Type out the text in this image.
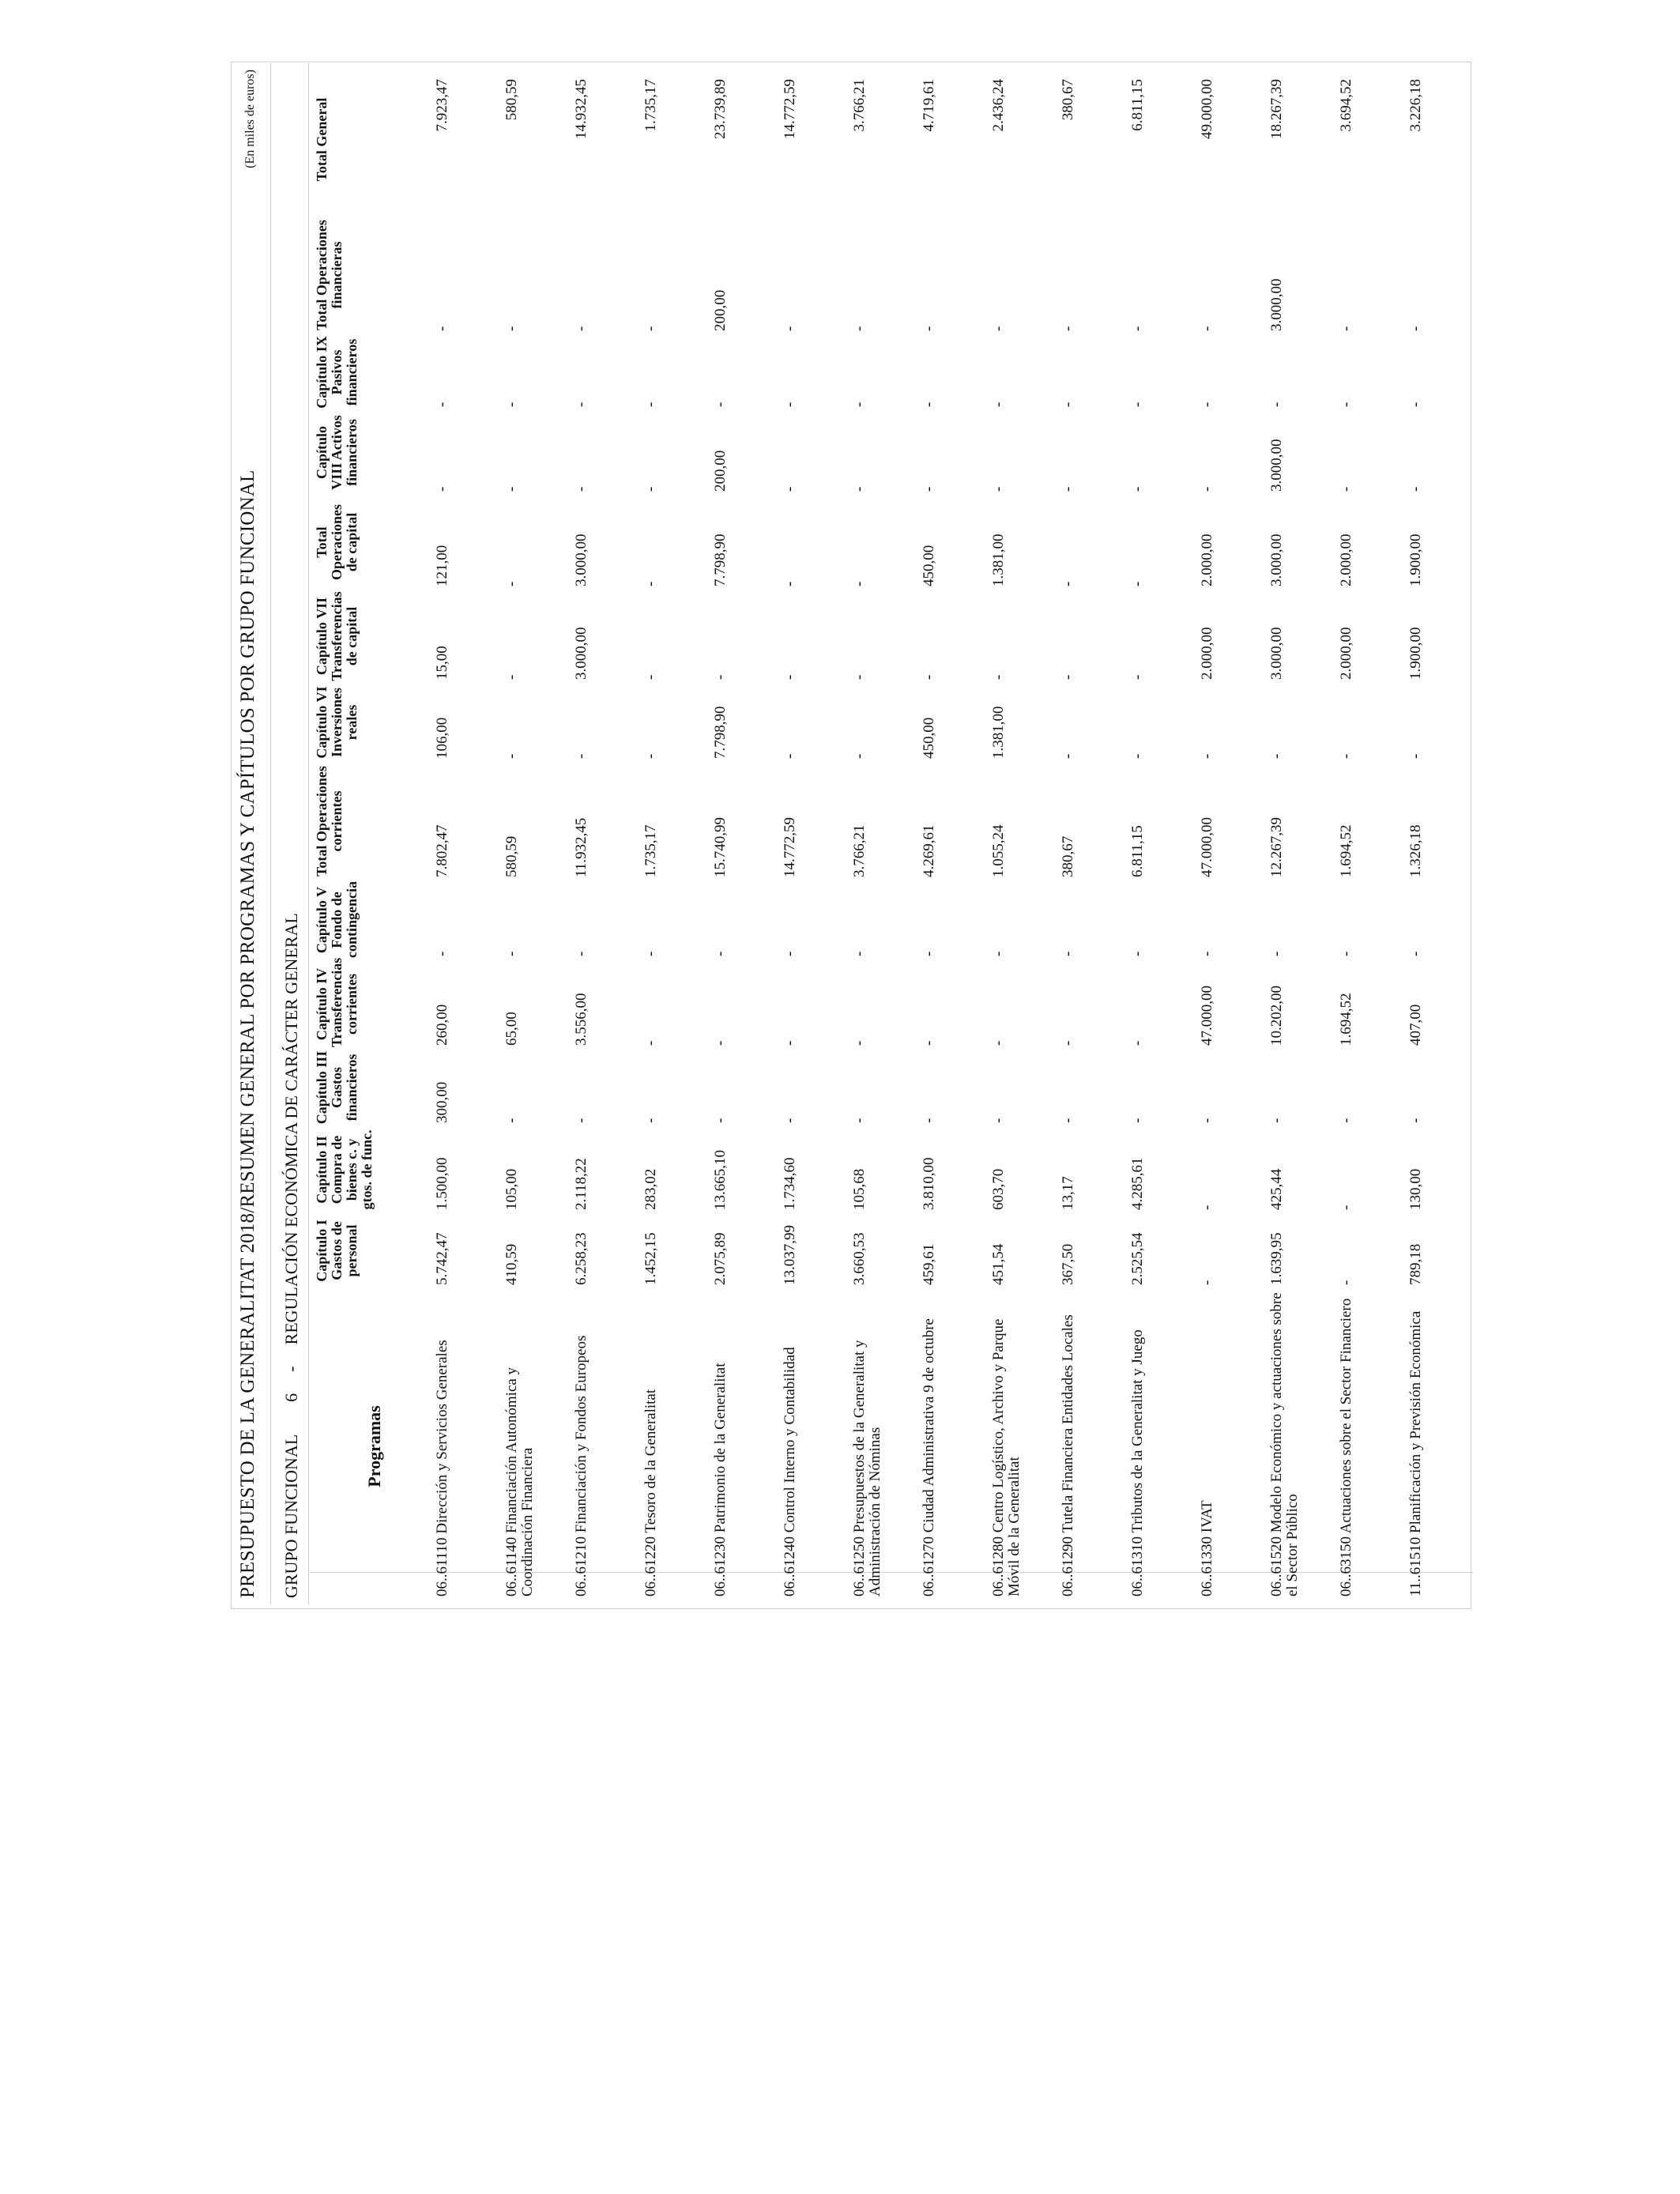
PRESUPUESTO DE LA GENERALITAT 2018/RESUMEN GENERAL POR PROGRAMAS Y CAPÍTULOS POR GRUPO FUNCIONAL
(En miles de euros)
GRUPO FUNCIONAL  6  -  REGULACIÓN ECONÓMICA DE CARÁCTER GENERAL
Programas	Capítulo I Gastos de personal	Capítulo II Compra de bienes c. y gtos. de func.	Capítulo III Gastos financieros	Capítulo IV Transferencias corrientes	Capítulo V Fondo de contingencia	Total Operaciones corrientes	Capítulo VI Inversiones reales	Capítulo VII Transferencias de capital	Total Operaciones de capital	Capítulo VIII Activos financieros	Capítulo IX Pasivos financieros	Total Operaciones financieras	Total General
06..61110 Dirección y Servicios Generales	5.742,47	1.500,00	300,00	260,00	-	7.802,47	106,00	15,00	121,00	-	-	-	7.923,47
06..61140 Financiación Autonómica y Coordinación Financiera	410,59	105,00	-	65,00	-	580,59	-	-	-	-	-	-	580,59
06..61210 Financiación y Fondos Europeos	6.258,23	2.118,22	-	3.556,00	-	11.932,45	-	3.000,00	3.000,00	-	-	-	14.932,45
06..61220 Tesoro de la Generalitat	1.452,15	283,02	-	-	-	1.735,17	-	-	-	-	-	-	1.735,17
06..61230 Patrimonio de la Generalitat	2.075,89	13.665,10	-	-	-	15.740,99	7.798,90	-	7.798,90	200,00	-	200,00	23.739,89
06..61240 Control Interno y Contabilidad	13.037,99	1.734,60	-	-	-	14.772,59	-	-	-	-	-	-	14.772,59
06..61250 Presupuestos de la Generalitat y Administración de Nóminas	3.660,53	105,68	-	-	-	3.766,21	-	-	-	-	-	-	3.766,21
06..61270 Ciudad Administrativa 9 de octubre	459,61	3.810,00	-	-	-	4.269,61	450,00	-	450,00	-	-	-	4.719,61
06..61280 Centro Logístico, Archivo y Parque Móvil de la Generalitat	451,54	603,70	-	-	-	1.055,24	1.381,00	-	1.381,00	-	-	-	2.436,24
06..61290 Tutela Financiera Entidades Locales	367,50	13,17	-	-	-	380,67	-	-	-	-	-	-	380,67
06..61310 Tributos de la Generalitat y Juego	2.525,54	4.285,61	-	-	-	6.811,15	-	-	-	-	-	-	6.811,15
06..61330 IVAT	-	-	-	47.000,00	-	47.000,00	-	2.000,00	2.000,00	-	-	-	49.000,00
06..61520 Modelo Económico y actuaciones sobre el Sector Público	1.639,95	425,44	-	10.202,00	-	12.267,39	-	3.000,00	3.000,00	3.000,00	-	3.000,00	18.267,39
06..63150 Actuaciones sobre el Sector Financiero	-	-	-	1.694,52	-	1.694,52	-	2.000,00	2.000,00	-	-	-	3.694,52
11..61510 Planificación y Previsión Económica	789,18	130,00	-	407,00	-	1.326,18	-	1.900,00	1.900,00	-	-	-	3.226,18
